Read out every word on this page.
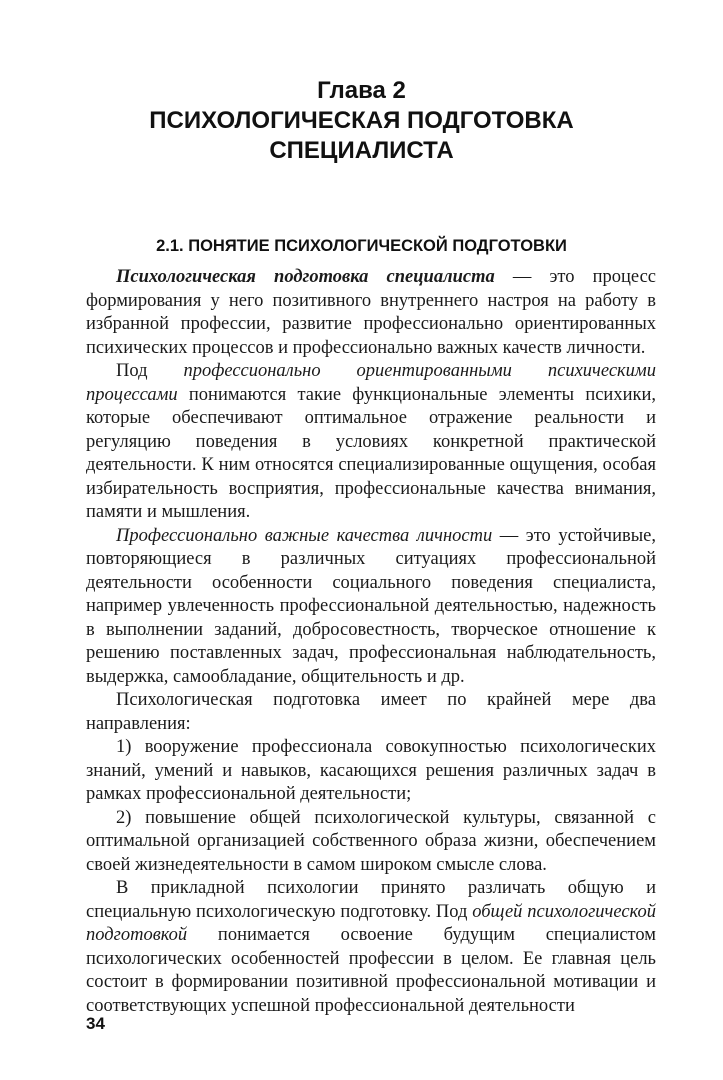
Глава 2
ПСИХОЛОГИЧЕСКАЯ ПОДГОТОВКА
СПЕЦИАЛИСТА
2.1. ПОНЯТИЕ ПСИХОЛОГИЧЕСКОЙ ПОДГОТОВКИ

Психологическая подготовка специалиста — это процесс формирования у него позитивного внутреннего настроя на работу в избранной профессии, развитие профессионально ориентированных психических процессов и профессионально важных качеств личности.

Под профессионально ориентированными психическими процессами понимаются такие функциональные элементы психики, которые обеспечивают оптимальное отражение реальности и регуляцию поведения в условиях конкретной практической деятельности. К ним относятся специализированные ощущения, особая избирательность восприятия, профессиональные качества внимания, памяти и мышления.

Профессионально важные качества личности — это устойчивые, повторяющиеся в различных ситуациях профессиональной деятельности особенности социального поведения специалиста, например увлеченность профессиональной деятельностью, надежность в выполнении заданий, добросовестность, творческое отношение к решению поставленных задач, профессиональная наблюдательность, выдержка, самообладание, общительность и др.

Психологическая подготовка имеет по крайней мере два направления:

1) вооружение профессионала совокупностью психологических знаний, умений и навыков, касающихся решения различных задач в рамках профессиональной деятельности;

2) повышение общей психологической культуры, связанной с оптимальной организацией собственного образа жизни, обеспечением своей жизнедеятельности в самом широком смысле слова.

В прикладной психологии принято различать общую и специальную психологическую подготовку. Под общей психологической подготовкой понимается освоение будущим специалистом психологических особенностей профессии в целом. Ее главная цель состоит в формировании позитивной профессиональной мотивации и соответствующих успешной профессиональной деятельности

34
